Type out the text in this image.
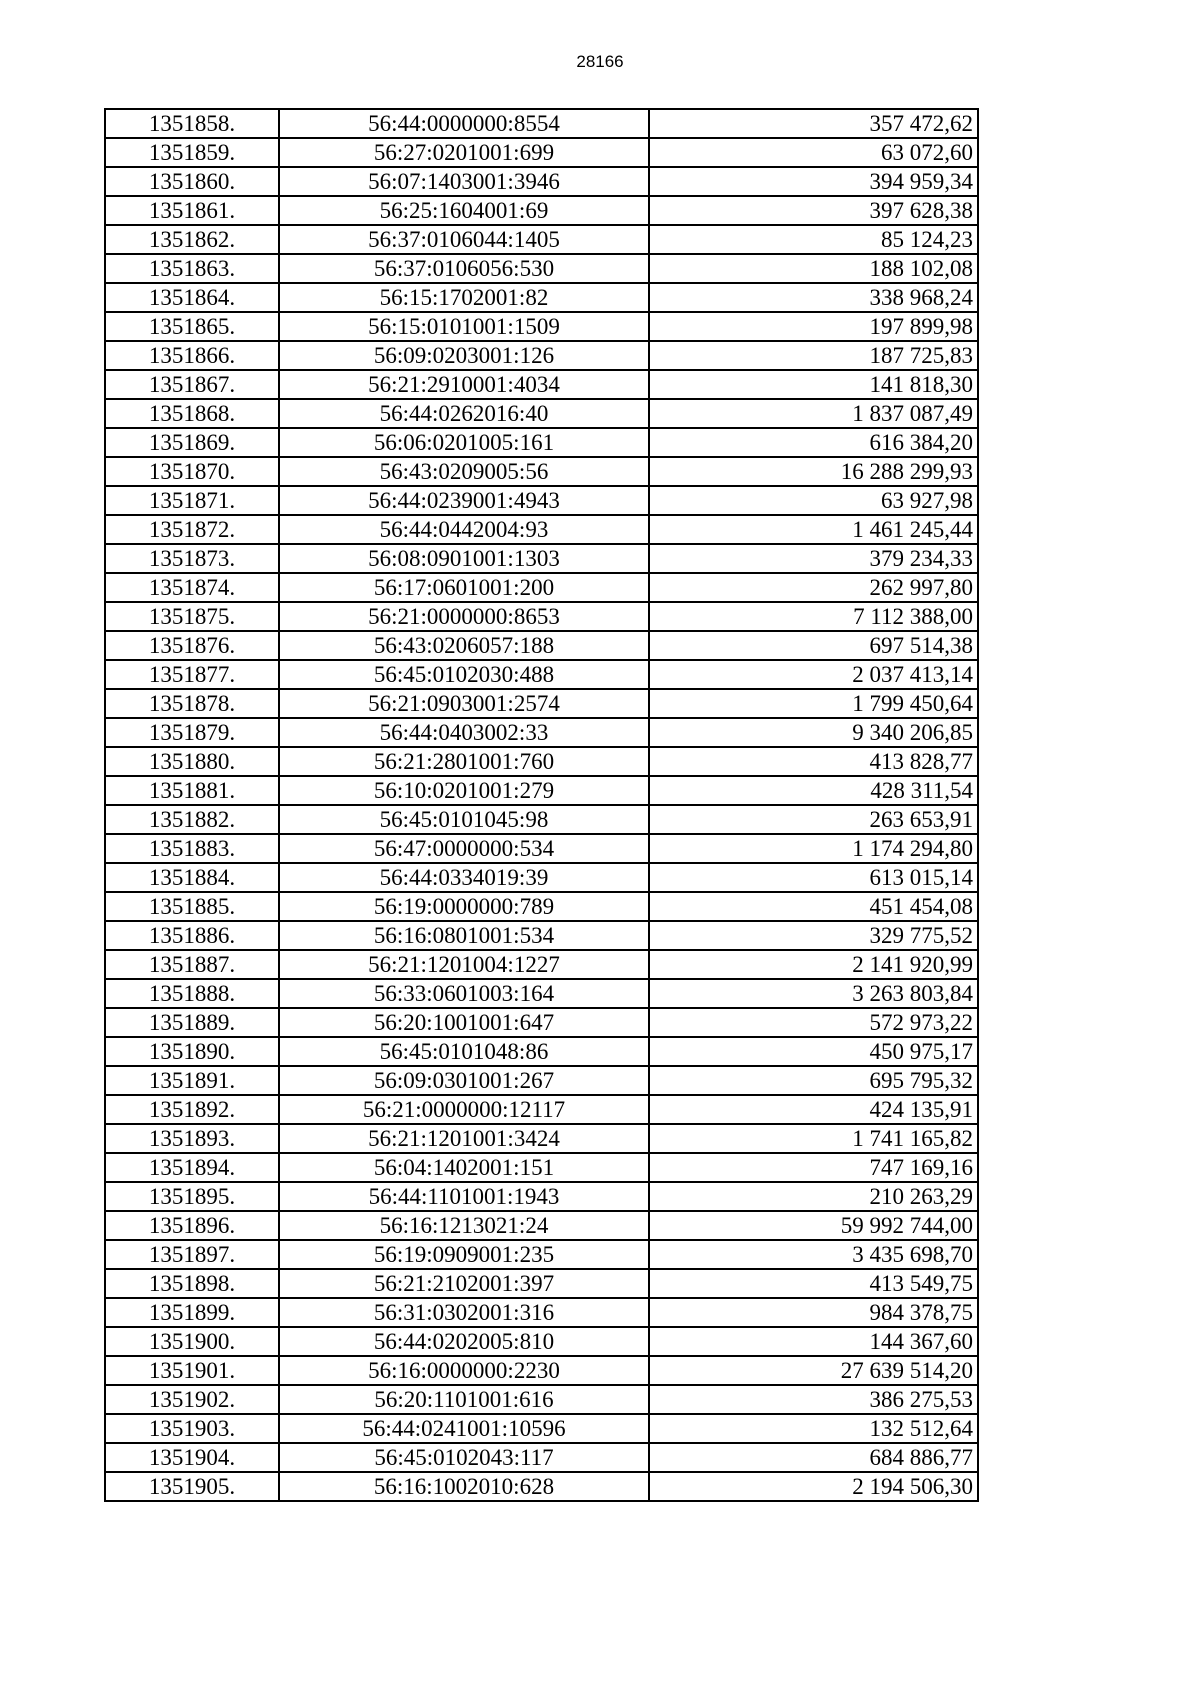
28166
1351858.	56:44:0000000:8554	357 472,62
1351859.	56:27:0201001:699	63 072,60
1351860.	56:07:1403001:3946	394 959,34
1351861.	56:25:1604001:69	397 628,38
1351862.	56:37:0106044:1405	85 124,23
1351863.	56:37:0106056:530	188 102,08
1351864.	56:15:1702001:82	338 968,24
1351865.	56:15:0101001:1509	197 899,98
1351866.	56:09:0203001:126	187 725,83
1351867.	56:21:2910001:4034	141 818,30
1351868.	56:44:0262016:40	1 837 087,49
1351869.	56:06:0201005:161	616 384,20
1351870.	56:43:0209005:56	16 288 299,93
1351871.	56:44:0239001:4943	63 927,98
1351872.	56:44:0442004:93	1 461 245,44
1351873.	56:08:0901001:1303	379 234,33
1351874.	56:17:0601001:200	262 997,80
1351875.	56:21:0000000:8653	7 112 388,00
1351876.	56:43:0206057:188	697 514,38
1351877.	56:45:0102030:488	2 037 413,14
1351878.	56:21:0903001:2574	1 799 450,64
1351879.	56:44:0403002:33	9 340 206,85
1351880.	56:21:2801001:760	413 828,77
1351881.	56:10:0201001:279	428 311,54
1351882.	56:45:0101045:98	263 653,91
1351883.	56:47:0000000:534	1 174 294,80
1351884.	56:44:0334019:39	613 015,14
1351885.	56:19:0000000:789	451 454,08
1351886.	56:16:0801001:534	329 775,52
1351887.	56:21:1201004:1227	2 141 920,99
1351888.	56:33:0601003:164	3 263 803,84
1351889.	56:20:1001001:647	572 973,22
1351890.	56:45:0101048:86	450 975,17
1351891.	56:09:0301001:267	695 795,32
1351892.	56:21:0000000:12117	424 135,91
1351893.	56:21:1201001:3424	1 741 165,82
1351894.	56:04:1402001:151	747 169,16
1351895.	56:44:1101001:1943	210 263,29
1351896.	56:16:1213021:24	59 992 744,00
1351897.	56:19:0909001:235	3 435 698,70
1351898.	56:21:2102001:397	413 549,75
1351899.	56:31:0302001:316	984 378,75
1351900.	56:44:0202005:810	144 367,60
1351901.	56:16:0000000:2230	27 639 514,20
1351902.	56:20:1101001:616	386 275,53
1351903.	56:44:0241001:10596	132 512,64
1351904.	56:45:0102043:117	684 886,77
1351905.	56:16:1002010:628	2 194 506,30
